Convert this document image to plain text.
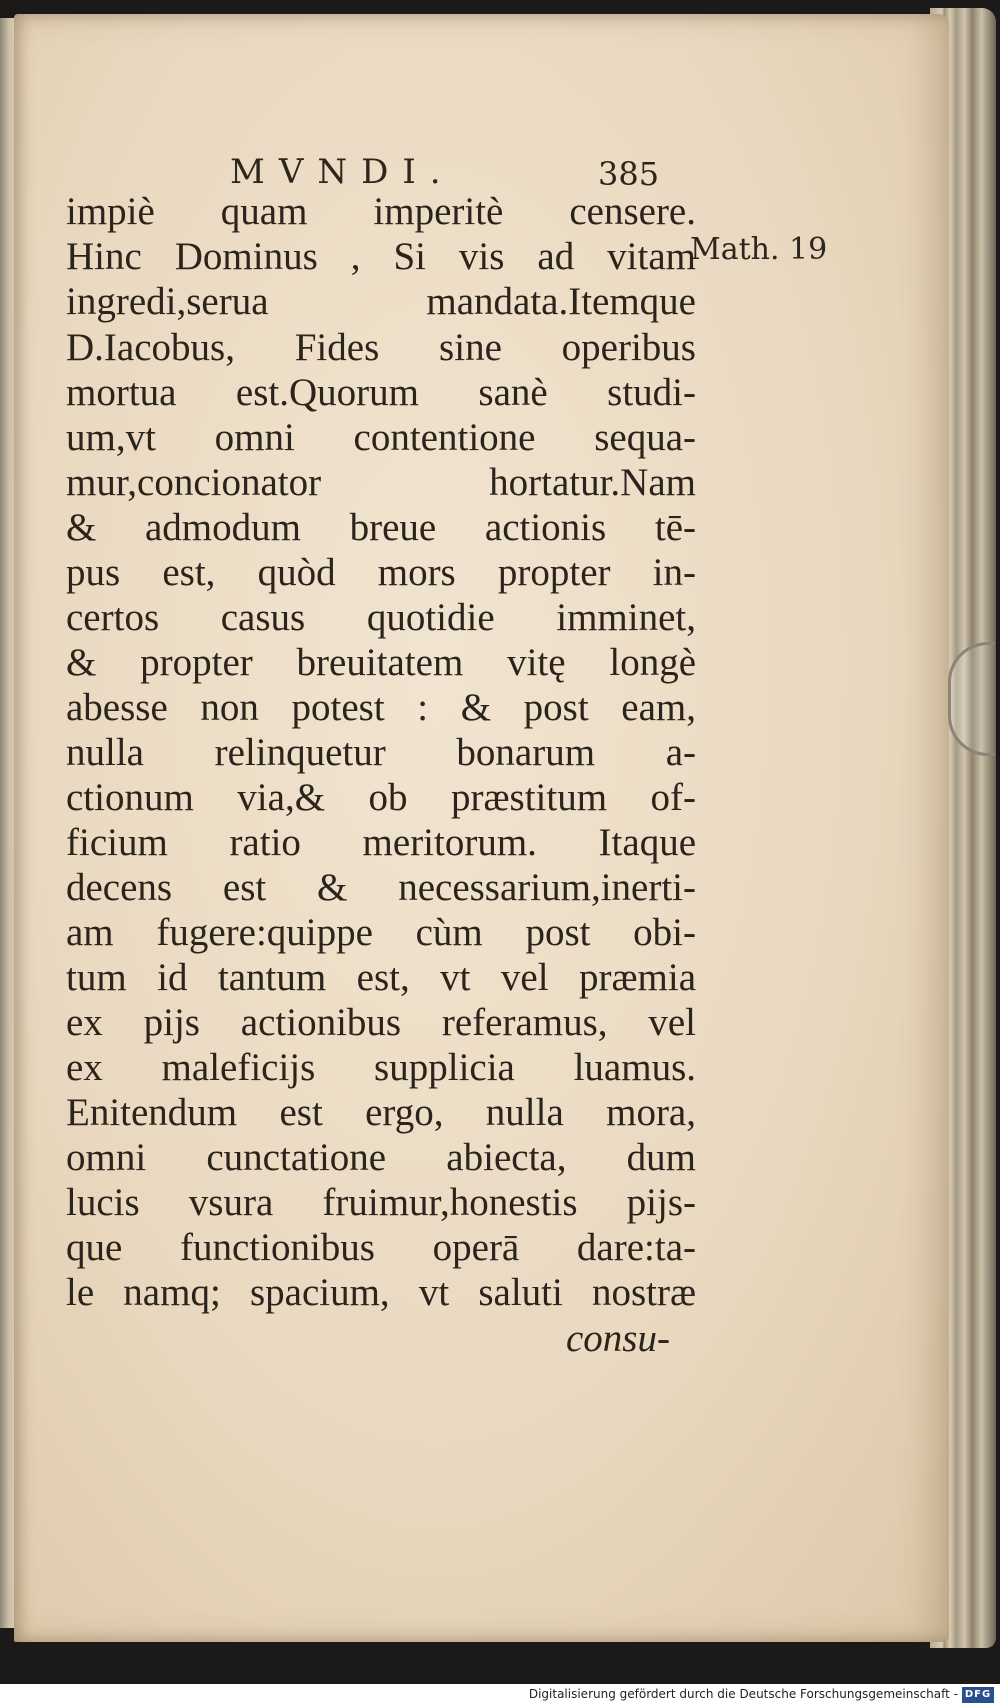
MVNDI.	385
Math. 19
impiè quam imperitè censere.
Hinc Dominus , Si vis ad vitam
ingredi,serua mandata.Itemque
D.Iacobus, Fides sine operibus
mortua est.Quorum sanè studi-
um,vt omni contentione sequa-
mur,concionator hortatur.Nam
& admodum breue actionis tē-
pus est, quòd mors propter in-
certos casus quotidie imminet,
& propter breuitatem vitę longè
abesse non potest : & post eam,
nulla relinquetur bonarum a-
ctionum via,& ob præstitum of-
ficium ratio meritorum. Itaque
decens est & necessarium,inerti-
am fugere:quippe cùm post obi-
tum id tantum est, vt vel præmia
ex pijs actionibus referamus, vel
ex maleficijs supplicia luamus.
Enitendum est ergo, nulla mora,
omni cunctatione abiecta, dum
lucis vsura fruimur,honestis pijs-
que functionibus operā dare:ta-
le namq; spacium, vt saluti nostræ
consu-
Digitalisierung gefördert durch die Deutsche Forschungsgemeinschaft - DFG
